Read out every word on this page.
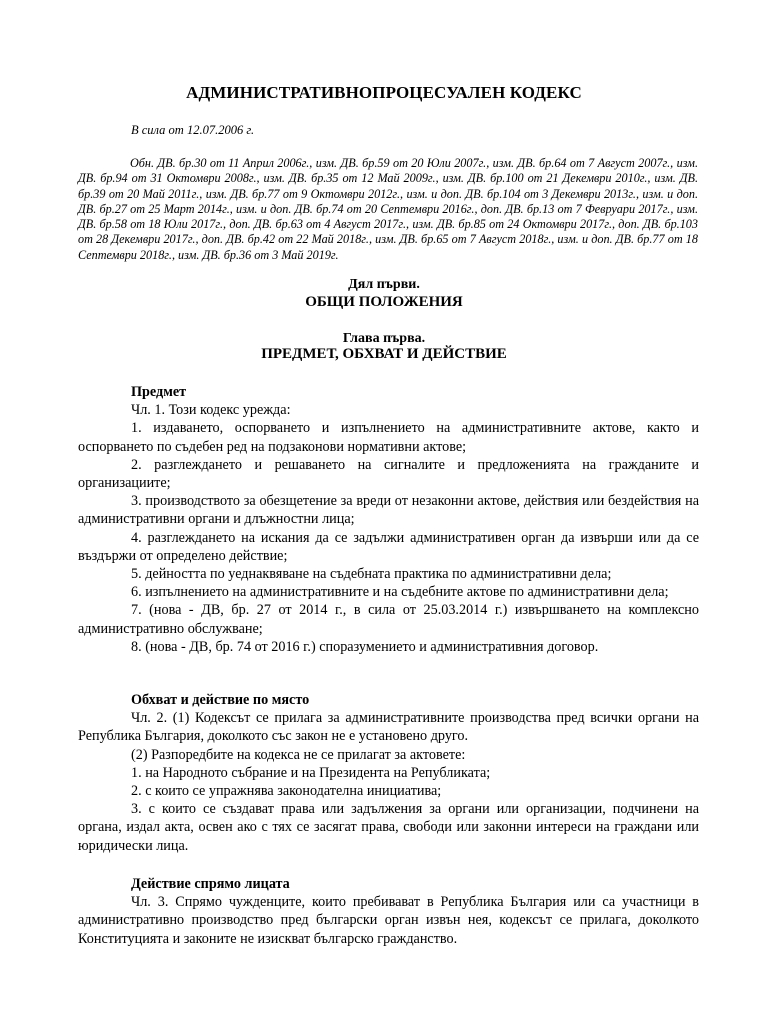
АДМИНИСТРАТИВНОПРОЦЕСУАЛЕН КОДЕКС
В сила от 12.07.2006 г.
Обн. ДВ. бр.30 от 11 Април 2006г., изм. ДВ. бр.59 от 20 Юли 2007г., изм. ДВ. бр.64 от 7 Август 2007г., изм. ДВ. бр.94 от 31 Октомври 2008г., изм. ДВ. бр.35 от 12 Май 2009г., изм. ДВ. бр.100 от 21 Декември 2010г., изм. ДВ. бр.39 от 20 Май 2011г., изм. ДВ. бр.77 от 9 Октомври 2012г., изм. и доп. ДВ. бр.104 от 3 Декември 2013г., изм. и доп. ДВ. бр.27 от 25 Март 2014г., изм. и доп. ДВ. бр.74 от 20 Септември 2016г., доп. ДВ. бр.13 от 7 Февруари 2017г., изм. ДВ. бр.58 от 18 Юли 2017г., доп. ДВ. бр.63 от 4 Август 2017г., изм. ДВ. бр.85 от 24 Октомври 2017г., доп. ДВ. бр.103 от 28 Декември 2017г., доп. ДВ. бр.42 от 22 Май 2018г., изм. ДВ. бр.65 от 7 Август 2018г., изм. и доп. ДВ. бр.77 от 18 Септември 2018г., изм. ДВ. бр.36 от 3 Май 2019г.
Дял първи.
ОБЩИ ПОЛОЖЕНИЯ
Глава първа.
ПРЕДМЕТ, ОБХВАТ И ДЕЙСТВИЕ

Предмет

Чл. 1. Този кодекс урежда:

1. издаването, оспорването и изпълнението на административните актове, както и оспорването по съдебен ред на подзаконови нормативни актове;

2. разглеждането и решаването на сигналите и предложенията на гражданите и организациите;

3. производството за обезщетение за вреди от незаконни актове, действия или бездействия на административни органи и длъжностни лица;

4. разглеждането на искания да се задължи административен орган да извърши или да се въздържи от определено действие;

5. дейността по уеднаквяване на съдебната практика по административни дела;

6. изпълнението на административните и на съдебните актове по административни дела;

7. (нова - ДВ, бр. 27 от 2014 г., в сила от 25.03.2014 г.) извършването на комплексно административно обслужване;

8. (нова - ДВ, бр. 74 от 2016 г.) споразумението и административния договор.

Обхват и действие по място

Чл. 2. (1) Кодексът се прилага за административните производства пред всички органи на Република България, доколкото със закон не е установено друго.

(2) Разпоредбите на кодекса не се прилагат за актовете:

1. на Народното събрание и на Президента на Републиката;

2. с които се упражнява законодателна инициатива;

3. с които се създават права или задължения за органи или организации, подчинени на органа, издал акта, освен ако с тях се засягат права, свободи или законни интереси на граждани или юридически лица.

Действие спрямо лицата

Чл. 3. Спрямо чужденците, които пребивават в Република България или са участници в административно производство пред български орган извън нея, кодексът се прилага, доколкото Конституцията и законите не изискват българско гражданство.
